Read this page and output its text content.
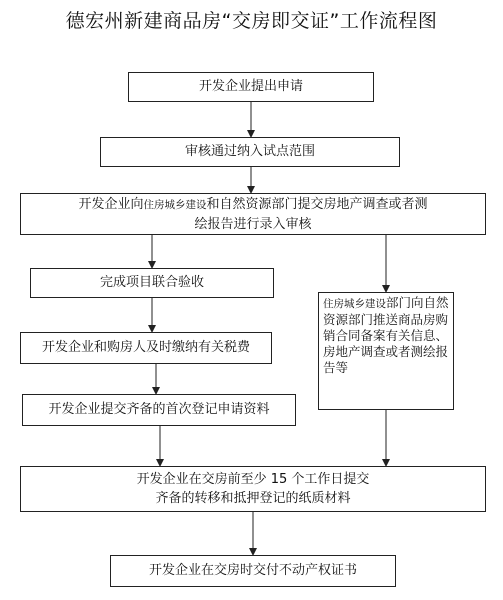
德宏州新建商品房“交房即交证”工作流程图
开发企业提出申请
审核通过纳入试点范围
开发企业向住房城乡建设和自然资源部门提交房地产调查或者测
绘报告进行录入审核
完成项目联合验收
开发企业和购房人及时缴纳有关税费
开发企业提交齐备的首次登记申请资料
住房城乡建设部门向自然资源部门推送商品房购销合同备案有关信息、房地产调查或者测绘报告等
开发企业在交房前至少 15 个工作日提交
齐备的转移和抵押登记的纸质材料
开发企业在交房时交付不动产权证书
